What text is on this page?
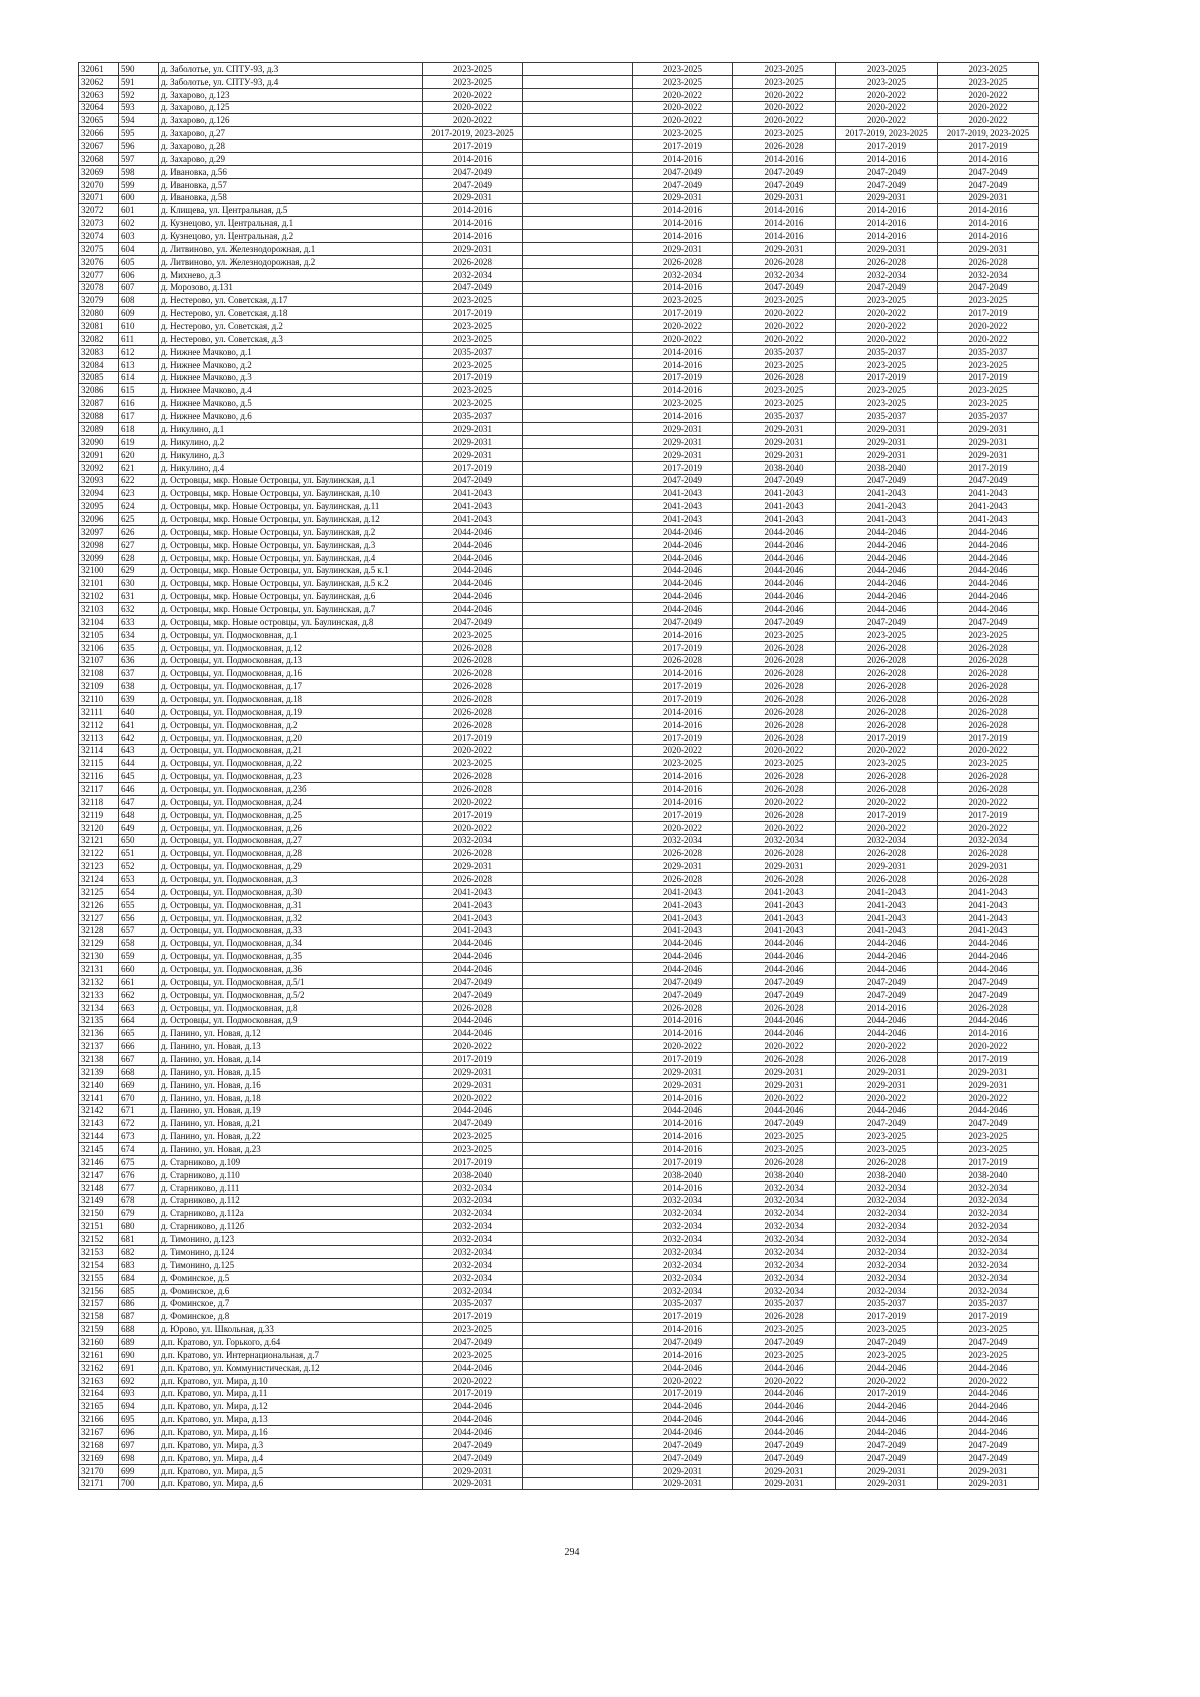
32061	590	д. Заболотье, ул. СПТУ-93, д.3	2023-2025		2023-2025	2023-2025	2023-2025	2023-2025
32062	591	д. Заболотье, ул. СПТУ-93, д.4	2023-2025		2023-2025	2023-2025	2023-2025	2023-2025
32063	592	д. Захарово, д.123	2020-2022		2020-2022	2020-2022	2020-2022	2020-2022
32064	593	д. Захарово, д.125	2020-2022		2020-2022	2020-2022	2020-2022	2020-2022
32065	594	д. Захарово, д.126	2020-2022		2020-2022	2020-2022	2020-2022	2020-2022
32066	595	д. Захарово, д.27	2017-2019, 2023-2025		2023-2025	2023-2025	2017-2019, 2023-2025	2017-2019, 2023-2025
32067	596	д. Захарово, д.28	2017-2019		2017-2019	2026-2028	2017-2019	2017-2019
32068	597	д. Захарово, д.29	2014-2016		2014-2016	2014-2016	2014-2016	2014-2016
32069	598	д. Ивановка, д.56	2047-2049		2047-2049	2047-2049	2047-2049	2047-2049
32070	599	д. Ивановка, д.57	2047-2049		2047-2049	2047-2049	2047-2049	2047-2049
32071	600	д. Ивановка, д.58	2029-2031		2029-2031	2029-2031	2029-2031	2029-2031
32072	601	д. Клищева, ул. Центральная, д.5	2014-2016		2014-2016	2014-2016	2014-2016	2014-2016
32073	602	д. Кузнецово, ул. Центральная, д.1	2014-2016		2014-2016	2014-2016	2014-2016	2014-2016
32074	603	д. Кузнецово, ул. Центральная, д.2	2014-2016		2014-2016	2014-2016	2014-2016	2014-2016
32075	604	д. Литвиново, ул. Железнодорожная, д.1	2029-2031		2029-2031	2029-2031	2029-2031	2029-2031
32076	605	д. Литвиново, ул. Железнодорожная, д.2	2026-2028		2026-2028	2026-2028	2026-2028	2026-2028
32077	606	д. Михнево, д.3	2032-2034		2032-2034	2032-2034	2032-2034	2032-2034
32078	607	д. Морозово, д.131	2047-2049		2014-2016	2047-2049	2047-2049	2047-2049
32079	608	д. Нестерово, ул. Советская, д.17	2023-2025		2023-2025	2023-2025	2023-2025	2023-2025
32080	609	д. Нестерово, ул. Советская, д.18	2017-2019		2017-2019	2020-2022	2020-2022	2017-2019
32081	610	д. Нестерово, ул. Советская, д.2	2023-2025		2020-2022	2020-2022	2020-2022	2020-2022
32082	611	д. Нестерово, ул. Советская, д.3	2023-2025		2020-2022	2020-2022	2020-2022	2020-2022
32083	612	д. Нижнее Мачково, д.1	2035-2037		2014-2016	2035-2037	2035-2037	2035-2037
32084	613	д. Нижнее Мачково, д.2	2023-2025		2014-2016	2023-2025	2023-2025	2023-2025
32085	614	д. Нижнее Мачково, д.3	2017-2019		2017-2019	2026-2028	2017-2019	2017-2019
32086	615	д. Нижнее Мачково, д.4	2023-2025		2014-2016	2023-2025	2023-2025	2023-2025
32087	616	д. Нижнее Мачково, д.5	2023-2025		2023-2025	2023-2025	2023-2025	2023-2025
32088	617	д. Нижнее Мачково, д.6	2035-2037		2014-2016	2035-2037	2035-2037	2035-2037
32089	618	д. Никулино, д.1	2029-2031		2029-2031	2029-2031	2029-2031	2029-2031
32090	619	д. Никулино, д.2	2029-2031		2029-2031	2029-2031	2029-2031	2029-2031
32091	620	д. Никулино, д.3	2029-2031		2029-2031	2029-2031	2029-2031	2029-2031
32092	621	д. Никулино, д.4	2017-2019		2017-2019	2038-2040	2038-2040	2017-2019
32093	622	д. Островцы, мкр. Новые Островцы, ул. Баулинская, д.1	2047-2049		2047-2049	2047-2049	2047-2049	2047-2049
32094	623	д. Островцы, мкр. Новые Островцы, ул. Баулинская, д.10	2041-2043		2041-2043	2041-2043	2041-2043	2041-2043
32095	624	д. Островцы, мкр. Новые Островцы, ул. Баулинская, д.11	2041-2043		2041-2043	2041-2043	2041-2043	2041-2043
32096	625	д. Островцы, мкр. Новые Островцы, ул. Баулинская, д.12	2041-2043		2041-2043	2041-2043	2041-2043	2041-2043
32097	626	д. Островцы, мкр. Новые Островцы, ул. Баулинская, д.2	2044-2046		2044-2046	2044-2046	2044-2046	2044-2046
32098	627	д. Островцы, мкр. Новые Островцы, ул. Баулинская, д.3	2044-2046		2044-2046	2044-2046	2044-2046	2044-2046
32099	628	д. Островцы, мкр. Новые Островцы, ул. Баулинская, д.4	2044-2046		2044-2046	2044-2046	2044-2046	2044-2046
32100	629	д. Островцы, мкр. Новые Островцы, ул. Баулинская, д.5 к.1	2044-2046		2044-2046	2044-2046	2044-2046	2044-2046
32101	630	д. Островцы, мкр. Новые Островцы, ул. Баулинская, д.5 к.2	2044-2046		2044-2046	2044-2046	2044-2046	2044-2046
32102	631	д. Островцы, мкр. Новые Островцы, ул. Баулинская, д.6	2044-2046		2044-2046	2044-2046	2044-2046	2044-2046
32103	632	д. Островцы, мкр. Новые Островцы, ул. Баулинская, д.7	2044-2046		2044-2046	2044-2046	2044-2046	2044-2046
32104	633	д. Островцы, мкр. Новые островцы, ул. Баулинская, д.8	2047-2049		2047-2049	2047-2049	2047-2049	2047-2049
32105	634	д. Островцы, ул. Подмосковная, д.1	2023-2025		2014-2016	2023-2025	2023-2025	2023-2025
32106	635	д. Островцы, ул. Подмосковная, д.12	2026-2028		2017-2019	2026-2028	2026-2028	2026-2028
32107	636	д. Островцы, ул. Подмосковная, д.13	2026-2028		2026-2028	2026-2028	2026-2028	2026-2028
32108	637	д. Островцы, ул. Подмосковная, д.16	2026-2028		2014-2016	2026-2028	2026-2028	2026-2028
32109	638	д. Островцы, ул. Подмосковная, д.17	2026-2028		2017-2019	2026-2028	2026-2028	2026-2028
32110	639	д. Островцы, ул. Подмосковная, д.18	2026-2028		2017-2019	2026-2028	2026-2028	2026-2028
32111	640	д. Островцы, ул. Подмосковная, д.19	2026-2028		2014-2016	2026-2028	2026-2028	2026-2028
32112	641	д. Островцы, ул. Подмосковная, д.2	2026-2028		2014-2016	2026-2028	2026-2028	2026-2028
32113	642	д. Островцы, ул. Подмосковная, д.20	2017-2019		2017-2019	2026-2028	2017-2019	2017-2019
32114	643	д. Островцы, ул. Подмосковная, д.21	2020-2022		2020-2022	2020-2022	2020-2022	2020-2022
32115	644	д. Островцы, ул. Подмосковная, д.22	2023-2025		2023-2025	2023-2025	2023-2025	2023-2025
32116	645	д. Островцы, ул. Подмосковная, д.23	2026-2028		2014-2016	2026-2028	2026-2028	2026-2028
32117	646	д. Островцы, ул. Подмосковная, д.23б	2026-2028		2014-2016	2026-2028	2026-2028	2026-2028
32118	647	д. Островцы, ул. Подмосковная, д.24	2020-2022		2014-2016	2020-2022	2020-2022	2020-2022
32119	648	д. Островцы, ул. Подмосковная, д.25	2017-2019		2017-2019	2026-2028	2017-2019	2017-2019
32120	649	д. Островцы, ул. Подмосковная, д.26	2020-2022		2020-2022	2020-2022	2020-2022	2020-2022
32121	650	д. Островцы, ул. Подмосковная, д.27	2032-2034		2032-2034	2032-2034	2032-2034	2032-2034
32122	651	д. Островцы, ул. Подмосковная, д.28	2026-2028		2026-2028	2026-2028	2026-2028	2026-2028
32123	652	д. Островцы, ул. Подмосковная, д.29	2029-2031		2029-2031	2029-2031	2029-2031	2029-2031
32124	653	д. Островцы, ул. Подмосковная, д.3	2026-2028		2026-2028	2026-2028	2026-2028	2026-2028
32125	654	д. Островцы, ул. Подмосковная, д.30	2041-2043		2041-2043	2041-2043	2041-2043	2041-2043
32126	655	д. Островцы, ул. Подмосковная, д.31	2041-2043		2041-2043	2041-2043	2041-2043	2041-2043
32127	656	д. Островцы, ул. Подмосковная, д.32	2041-2043		2041-2043	2041-2043	2041-2043	2041-2043
32128	657	д. Островцы, ул. Подмосковная, д.33	2041-2043		2041-2043	2041-2043	2041-2043	2041-2043
32129	658	д. Островцы, ул. Подмосковная, д.34	2044-2046		2044-2046	2044-2046	2044-2046	2044-2046
32130	659	д. Островцы, ул. Подмосковная, д.35	2044-2046		2044-2046	2044-2046	2044-2046	2044-2046
32131	660	д. Островцы, ул. Подмосковная, д.36	2044-2046		2044-2046	2044-2046	2044-2046	2044-2046
32132	661	д. Островцы, ул. Подмосковная, д.5/1	2047-2049		2047-2049	2047-2049	2047-2049	2047-2049
32133	662	д. Островцы, ул. Подмосковная, д.5/2	2047-2049		2047-2049	2047-2049	2047-2049	2047-2049
32134	663	д. Островцы, ул. Подмосковная, д.8	2026-2028		2026-2028	2026-2028	2014-2016	2026-2028
32135	664	д. Островцы, ул. Подмосковная, д.9	2044-2046		2014-2016	2044-2046	2044-2046	2044-2046
32136	665	д. Панино, ул. Новая, д.12	2044-2046		2014-2016	2044-2046	2044-2046	2014-2016
32137	666	д. Панино, ул. Новая, д.13	2020-2022		2020-2022	2020-2022	2020-2022	2020-2022
32138	667	д. Панино, ул. Новая, д.14	2017-2019		2017-2019	2026-2028	2026-2028	2017-2019
32139	668	д. Панино, ул. Новая, д.15	2029-2031		2029-2031	2029-2031	2029-2031	2029-2031
32140	669	д. Панино, ул. Новая, д.16	2029-2031		2029-2031	2029-2031	2029-2031	2029-2031
32141	670	д. Панино, ул. Новая, д.18	2020-2022		2014-2016	2020-2022	2020-2022	2020-2022
32142	671	д. Панино, ул. Новая, д.19	2044-2046		2044-2046	2044-2046	2044-2046	2044-2046
32143	672	д. Панино, ул. Новая, д.21	2047-2049		2014-2016	2047-2049	2047-2049	2047-2049
32144	673	д. Панино, ул. Новая, д.22	2023-2025		2014-2016	2023-2025	2023-2025	2023-2025
32145	674	д. Панино, ул. Новая, д.23	2023-2025		2014-2016	2023-2025	2023-2025	2023-2025
32146	675	д. Старниково, д.109	2017-2019		2017-2019	2026-2028	2026-2028	2017-2019
32147	676	д. Старниково, д.110	2038-2040		2038-2040	2038-2040	2038-2040	2038-2040
32148	677	д. Старниково, д.111	2032-2034		2014-2016	2032-2034	2032-2034	2032-2034
32149	678	д. Старниково, д.112	2032-2034		2032-2034	2032-2034	2032-2034	2032-2034
32150	679	д. Старниково, д.112а	2032-2034		2032-2034	2032-2034	2032-2034	2032-2034
32151	680	д. Старниково, д.112б	2032-2034		2032-2034	2032-2034	2032-2034	2032-2034
32152	681	д. Тимонино, д.123	2032-2034		2032-2034	2032-2034	2032-2034	2032-2034
32153	682	д. Тимонино, д.124	2032-2034		2032-2034	2032-2034	2032-2034	2032-2034
32154	683	д. Тимонино, д.125	2032-2034		2032-2034	2032-2034	2032-2034	2032-2034
32155	684	д. Фоминское, д.5	2032-2034		2032-2034	2032-2034	2032-2034	2032-2034
32156	685	д. Фоминское, д.6	2032-2034		2032-2034	2032-2034	2032-2034	2032-2034
32157	686	д. Фоминское, д.7	2035-2037		2035-2037	2035-2037	2035-2037	2035-2037
32158	687	д. Фоминское, д.8	2017-2019		2017-2019	2026-2028	2017-2019	2017-2019
32159	688	д. Юрово, ул. Школьная, д.33	2023-2025		2014-2016	2023-2025	2023-2025	2023-2025
32160	689	д.п. Кратово, ул. Горького, д.64	2047-2049		2047-2049	2047-2049	2047-2049	2047-2049
32161	690	д.п. Кратово, ул. Интернациональная, д.7	2023-2025		2014-2016	2023-2025	2023-2025	2023-2025
32162	691	д.п. Кратово, ул. Коммунистическая, д.12	2044-2046		2044-2046	2044-2046	2044-2046	2044-2046
32163	692	д.п. Кратово, ул. Мира, д.10	2020-2022		2020-2022	2020-2022	2020-2022	2020-2022
32164	693	д.п. Кратово, ул. Мира, д.11	2017-2019		2017-2019	2044-2046	2017-2019	2044-2046
32165	694	д.п. Кратово, ул. Мира, д.12	2044-2046		2044-2046	2044-2046	2044-2046	2044-2046
32166	695	д.п. Кратово, ул. Мира, д.13	2044-2046		2044-2046	2044-2046	2044-2046	2044-2046
32167	696	д.п. Кратово, ул. Мира, д.16	2044-2046		2044-2046	2044-2046	2044-2046	2044-2046
32168	697	д.п. Кратово, ул. Мира, д.3	2047-2049		2047-2049	2047-2049	2047-2049	2047-2049
32169	698	д.п. Кратово, ул. Мира, д.4	2047-2049		2047-2049	2047-2049	2047-2049	2047-2049
32170	699	д.п. Кратово, ул. Мира, д.5	2029-2031		2029-2031	2029-2031	2029-2031	2029-2031
32171	700	д.п. Кратово, ул. Мира, д.6	2029-2031		2029-2031	2029-2031	2029-2031	2029-2031
294
